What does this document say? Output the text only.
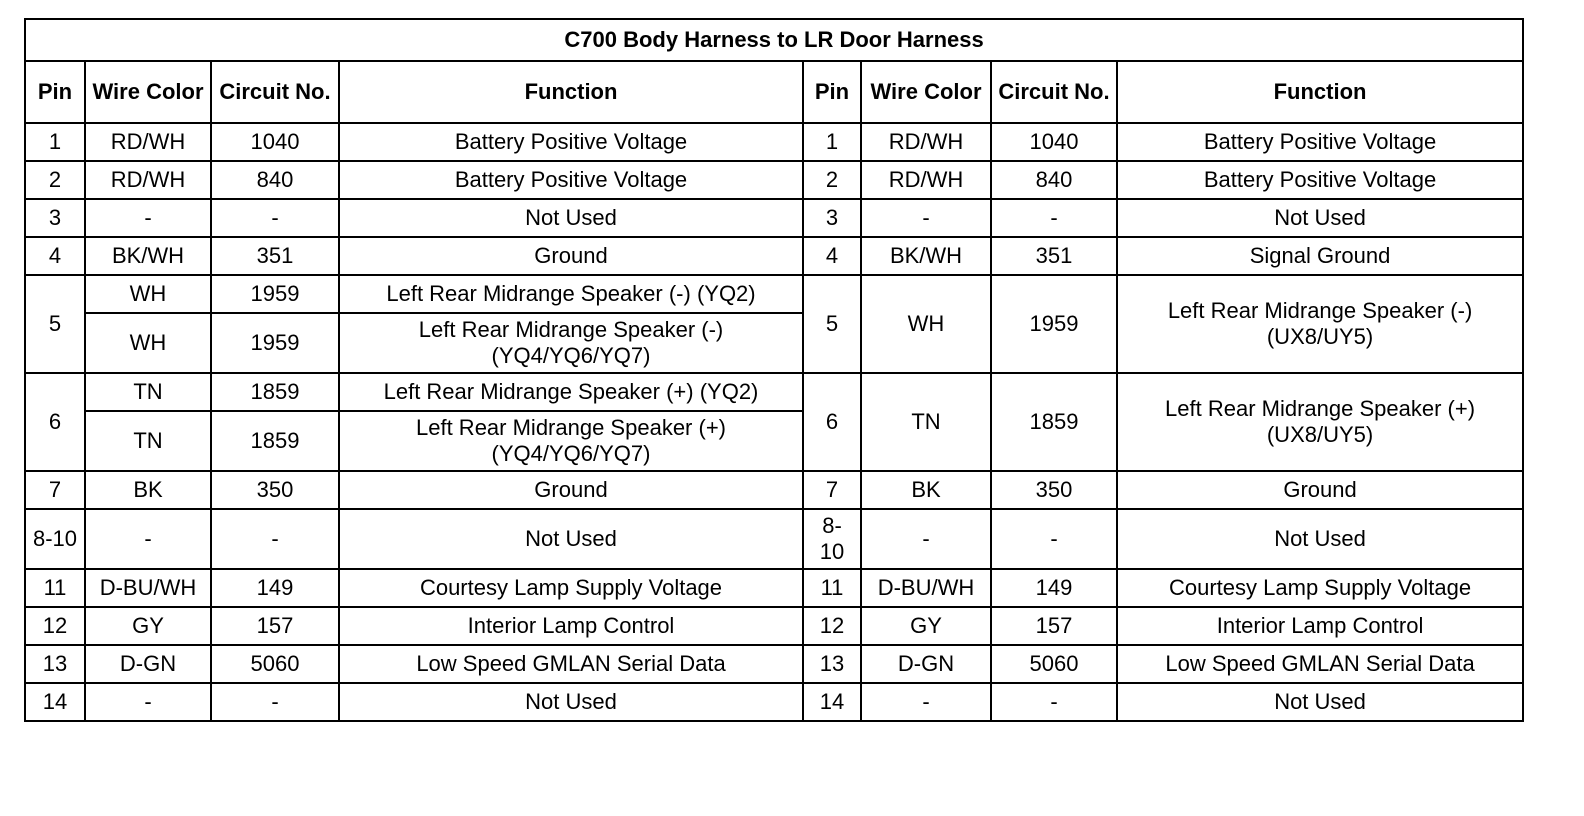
C700 Body Harness to LR Door Harness							
Pin	Wire Color	Circuit No.	Function	Pin	Wire Color	Circuit No.	Function
1	RD/WH	1040	Battery Positive Voltage	1	RD/WH	1040	Battery Positive Voltage
2	RD/WH	840	Battery Positive Voltage	2	RD/WH	840	Battery Positive Voltage
3	-	-	Not Used	3	-	-	Not Used
4	BK/WH	351	Ground	4	BK/WH	351	Signal Ground
5	WH	1959	Left Rear Midrange Speaker (-) (YQ2)	5	WH	1959	Left Rear Midrange Speaker (-) (UX8/UY5)
	WH	1959	Left Rear Midrange Speaker (-) (YQ4/YQ6/YQ7)				
6	TN	1859	Left Rear Midrange Speaker (+) (YQ2)	6	TN	1859	Left Rear Midrange Speaker (+) (UX8/UY5)
	TN	1859	Left Rear Midrange Speaker (+) (YQ4/YQ6/YQ7)				
7	BK	350	Ground	7	BK	350	Ground
8-10	-	-	Not Used	8-10	-	-	Not Used
11	D-BU/WH	149	Courtesy Lamp Supply Voltage	11	D-BU/WH	149	Courtesy Lamp Supply Voltage
12	GY	157	Interior Lamp Control	12	GY	157	Interior Lamp Control
13	D-GN	5060	Low Speed GMLAN Serial Data	13	D-GN	5060	Low Speed GMLAN Serial Data
14	-	-	Not Used	14	-	-	Not Used
